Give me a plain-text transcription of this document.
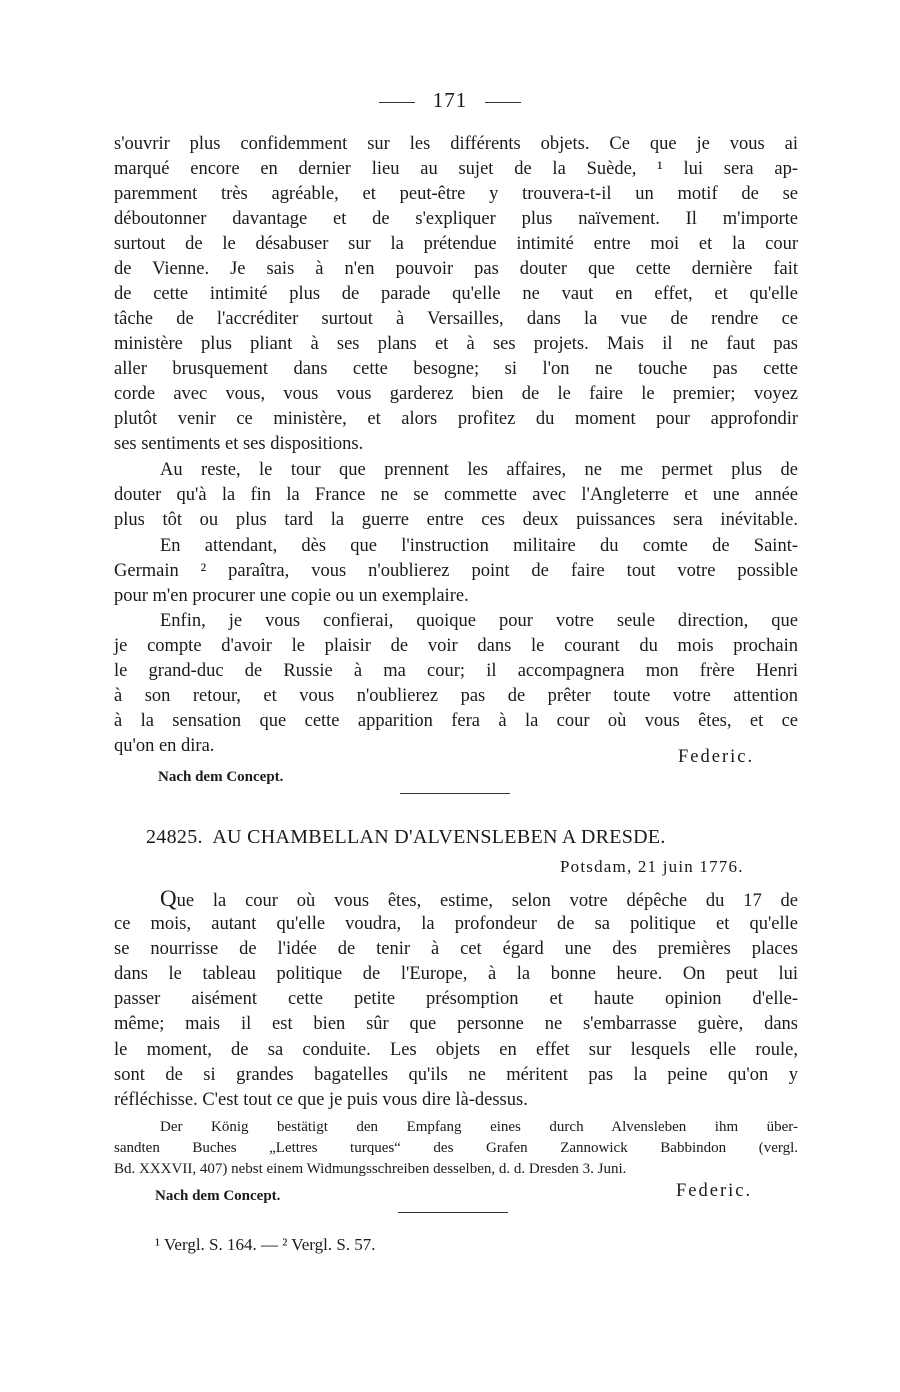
171
s'ouvrir plus confidemment sur les différents objets. Ce que je vous ai
marqué encore en dernier lieu au sujet de la Suède, ¹ lui sera ap-
paremment très agréable, et peut-être y trouvera-t-il un motif de se
déboutonner davantage et de s'expliquer plus naïvement. Il m'importe
surtout de le désabuser sur la prétendue intimité entre moi et la cour
de Vienne. Je sais à n'en pouvoir pas douter que cette dernière fait
de cette intimité plus de parade qu'elle ne vaut en effet, et qu'elle
tâche de l'accréditer surtout à Versailles, dans la vue de rendre ce
ministère plus pliant à ses plans et à ses projets. Mais il ne faut pas
aller brusquement dans cette besogne; si l'on ne touche pas cette
corde avec vous, vous vous garderez bien de le faire le premier; voyez
plutôt venir ce ministère, et alors profitez du moment pour approfondir
ses sentiments et ses dispositions.
Au reste, le tour que prennent les affaires, ne me permet plus de
douter qu'à la fin la France ne se commette avec l'Angleterre et une année
plus tôt ou plus tard la guerre entre ces deux puissances sera inévitable.
En attendant, dès que l'instruction militaire du comte de Saint-
Germain ² paraîtra, vous n'oublierez point de faire tout votre possible
pour m'en procurer une copie ou un exemplaire.
Enfin, je vous confierai, quoique pour votre seule direction, que
je compte d'avoir le plaisir de voir dans le courant du mois prochain
le grand-duc de Russie à ma cour; il accompagnera mon frère Henri
à son retour, et vous n'oublierez pas de prêter toute votre attention
à la sensation que cette apparition fera à la cour où vous êtes, et ce
qu'on en dira.
Federic.
Nach dem Concept.
24825. AU CHAMBELLAN D'ALVENSLEBEN A DRESDE.
Potsdam, 21 juin 1776.
Que la cour où vous êtes, estime, selon votre dépêche du 17 de
ce mois, autant qu'elle voudra, la profondeur de sa politique et qu'elle
se nourrisse de l'idée de tenir à cet égard une des premières places
dans le tableau politique de l'Europe, à la bonne heure. On peut lui
passer aisément cette petite présomption et haute opinion d'elle-
même; mais il est bien sûr que personne ne s'embarrasse guère, dans
le moment, de sa conduite. Les objets en effet sur lesquels elle roule,
sont de si grandes bagatelles qu'ils ne méritent pas la peine qu'on y
réfléchisse. C'est tout ce que je puis vous dire là-dessus.
Der König bestätigt den Empfang eines durch Alvensleben ihm über-
sandten Buches „Lettres turques“ des Grafen Zannowick Babbindon (vergl.
Bd. XXXVII, 407) nebst einem Widmungsschreiben desselben, d. d. Dresden 3. Juni.
Nach dem Concept.	Federic.
¹ Vergl. S. 164. — ² Vergl. S. 57.
